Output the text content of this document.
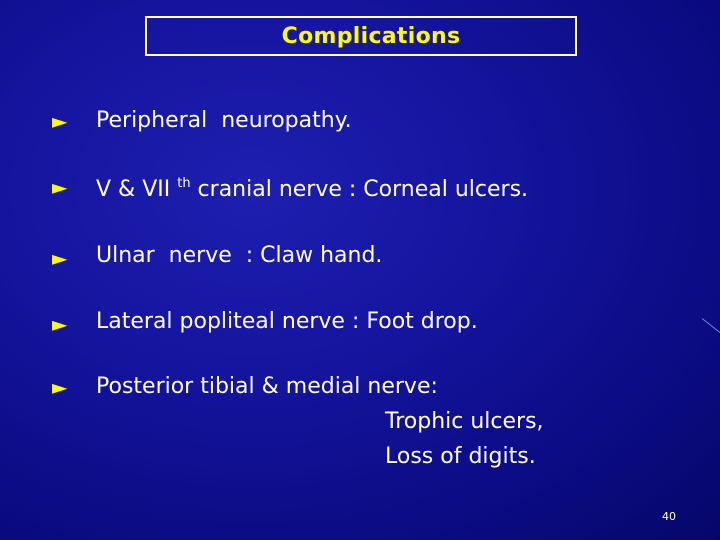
Complications
► Peripheral  neuropathy.
► V & VII $^{th}$ cranial nerve : Corneal ulcers.
► Ulnar  nerve  : Claw hand.
► Lateral popliteal nerve : Foot drop.
► Posterior tibial & medial nerve:
Trophic ulcers,
Loss of digits.
40
